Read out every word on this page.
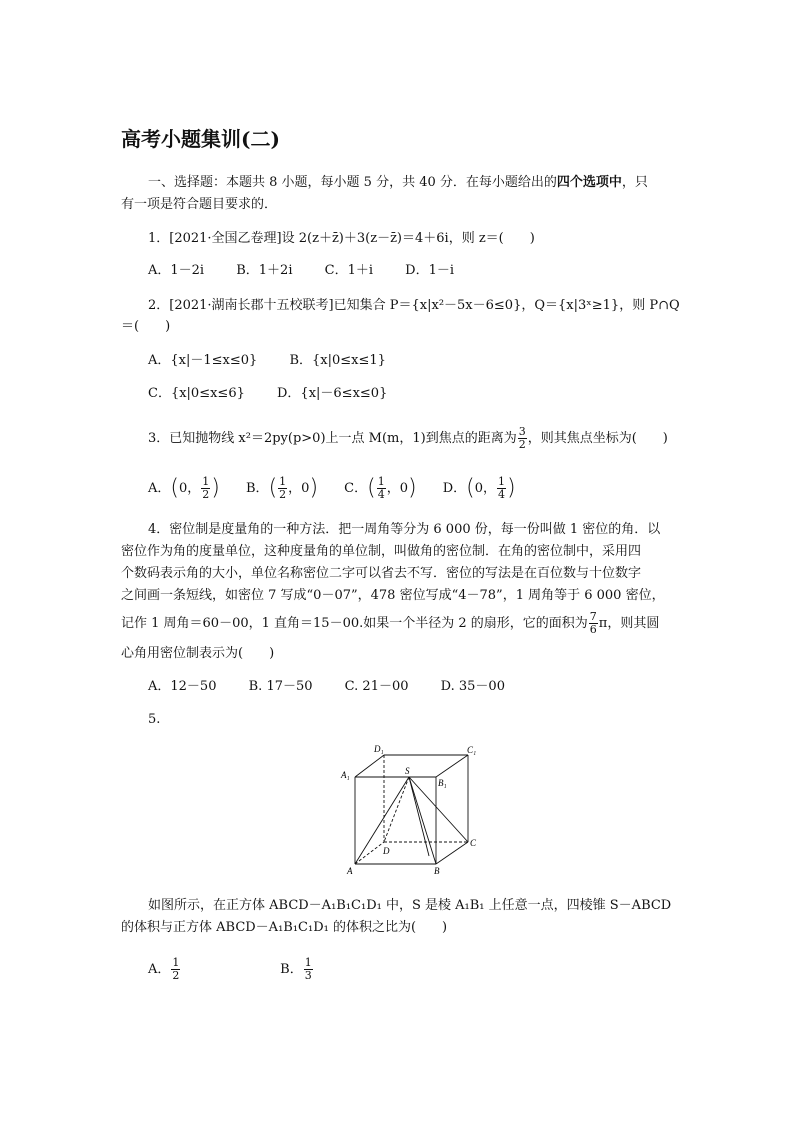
高考小题集训(二)
一、选择题：本题共 8 小题，每小题 5 分，共 40 分．在每小题给出的四个选项中，只
有一项是符合题目要求的．
1．[2021·全国乙卷理]设 2(z＋z̄)＋3(z－z̄)＝4＋6i，则 z＝(　　)
A．1－2i B．1＋2i C．1＋i D．1－i
2．[2021·湖南长郡十五校联考]已知集合 P＝{x|x²－5x－6≤0}，Q＝{x|3ˣ≥1}，则 P∩Q
＝(　　)
A．{x|－1≤x≤0} B．{x|0≤x≤1}
C．{x|0≤x≤6} D．{x|－6≤x≤0}
3．已知抛物线 x²＝2py(p>0)上一点 M(m，1)到焦点的距离为 $\frac{3}{2}$ ，则其焦点坐标为(　　)
A．(0， $\frac{1}{2}$ ) B．( $\frac{1}{2}$ ，0) C．( $\frac{1}{4}$ ，0) D．(0， $\frac{1}{4}$ )
4．密位制是度量角的一种方法．把一周角等分为 6 000 份，每一份叫做 1 密位的角．以
密位作为角的度量单位，这种度量角的单位制，叫做角的密位制．在角的密位制中，采用四
个数码表示角的大小，单位名称密位二字可以省去不写．密位的写法是在百位数与十位数字
之间画一条短线，如密位 7 写成“0－07”，478 密位写成“4－78”，1 周角等于 6 000 密位，
记作 1 周角＝60－00，1 直角＝15－00.如果一个半径为 2 的扇形，它的面积为 $\frac{7}{6}$ π，则其圆
心角用密位制表示为(　　)
A．12－50 B. 17－50 C. 21－00 D. 35－00
5.
D₁	C₁
A₁	S
B₁
D
C
A	B
如图所示，在正方体 ABCD－A₁B₁C₁D₁ 中，S 是棱 A₁B₁ 上任意一点，四棱锥 S－ABCD
的体积与正方体 ABCD－A₁B₁C₁D₁ 的体积之比为(　　)
A． $\frac{1}{2}$	B． $\frac{1}{3}$
